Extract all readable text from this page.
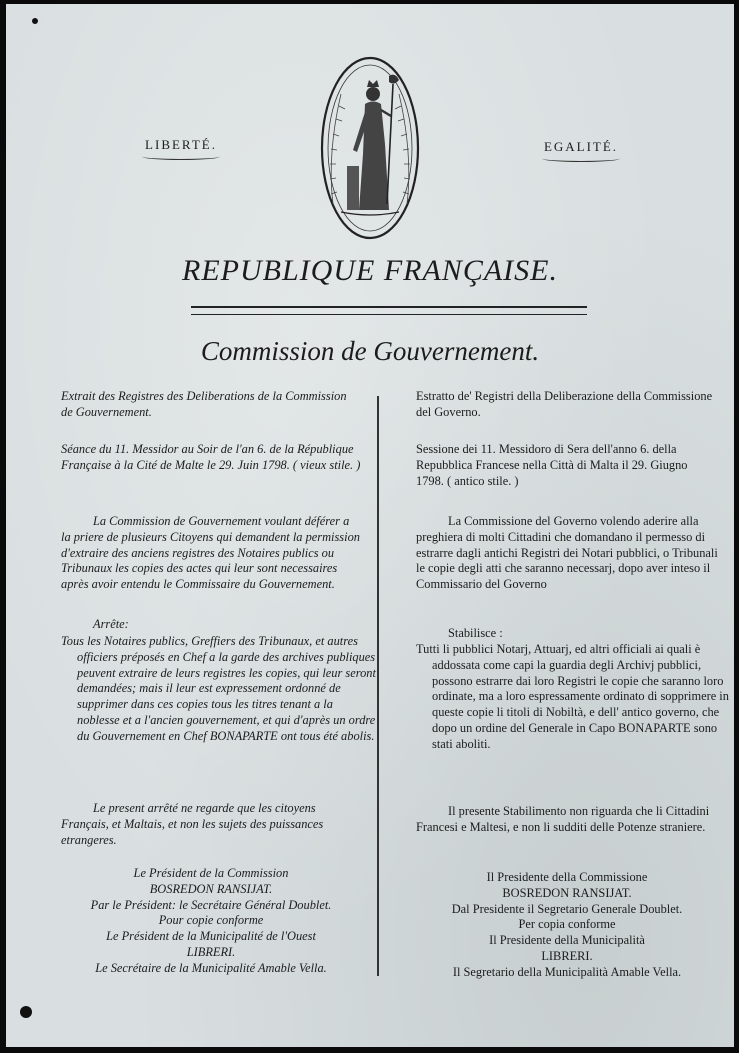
LIBERTÉ.	EGALITÉ.
REPUBLIQUE FRANÇAISE.
Commission de Gouvernement.

Extrait des Registres des Deliberations de la Commission de Gouvernement.

Séance du 11. Messidor au Soir de l'an 6. de la République Française à la Cité de Malte le 29. Juin 1798. ( vieux stile. )

La Commission de Gouvernement voulant déférer a la priere de plusieurs Citoyens qui demandent la permission d'extraire des anciens registres des Notaires publics ou Tribunaux les copies des actes qui leur sont necessaires après avoir entendu le Commissaire du Gouvernement.

Arrête:

Tous les Notaires publics, Greffiers des Tribunaux, et autres officiers préposés en Chef a la garde des archives publiques peuvent extraire de leurs registres les copies, qui leur seront demandées; mais il leur est expressement ordonné de supprimer dans ces copies tous les titres tenant a la noblesse et a l'ancien gouvernement, et qui d'après un ordre du Gouvernement en Chef BONAPARTE ont tous été abolis.

Le present arrêté ne regarde que les citoyens Français, et Maltais, et non les sujets des puissances etrangeres.

Le Président de la Commission

BOSREDON RANSIJAT.

Par le Président: le Secrétaire Général Doublet.

Pour copie conforme

Le Président de la Municipalité de l'Ouest

LIBRERI.

Le Secrétaire de la Municipalité Amable Vella.

Estratto de' Registri della Deliberazione della Commissione del Governo.

Sessione dei 11. Messidoro di Sera dell'anno 6. della Repubblica Francese nella Città di Malta il 29. Giugno 1798. ( antico stile. )

La Commissione del Governo volendo aderire alla preghiera di molti Cittadini che domandano il permesso di estrarre dagli antichi Registri dei Notari pubblici, o Tribunali le copie degli atti che saranno necessarj, dopo aver inteso il Commissario del Governo

Stabilisce :

Tutti li pubblici Notarj, Attuarj, ed altri officiali ai quali è addossata come capi la guardia degli Archivj pubblici, possono estrarre dai loro Registri le copie che saranno loro ordinate, ma a loro espressamente ordinato di sopprimere in queste copie li titoli di Nobiltà, e dell' antico governo, che dopo un ordine del Generale in Capo BONAPARTE sono stati aboliti.

Il presente Stabilimento non riguarda che li Cittadini Francesi e Maltesi, e non li sudditi delle Potenze straniere.

Il Presidente della Commissione

BOSREDON RANSIJAT.

Dal Presidente il Segretario Generale Doublet.

Per copia conforme

Il Presidente della Municipalità

LIBRERI.

Il Segretario della Municipalità Amable Vella.
